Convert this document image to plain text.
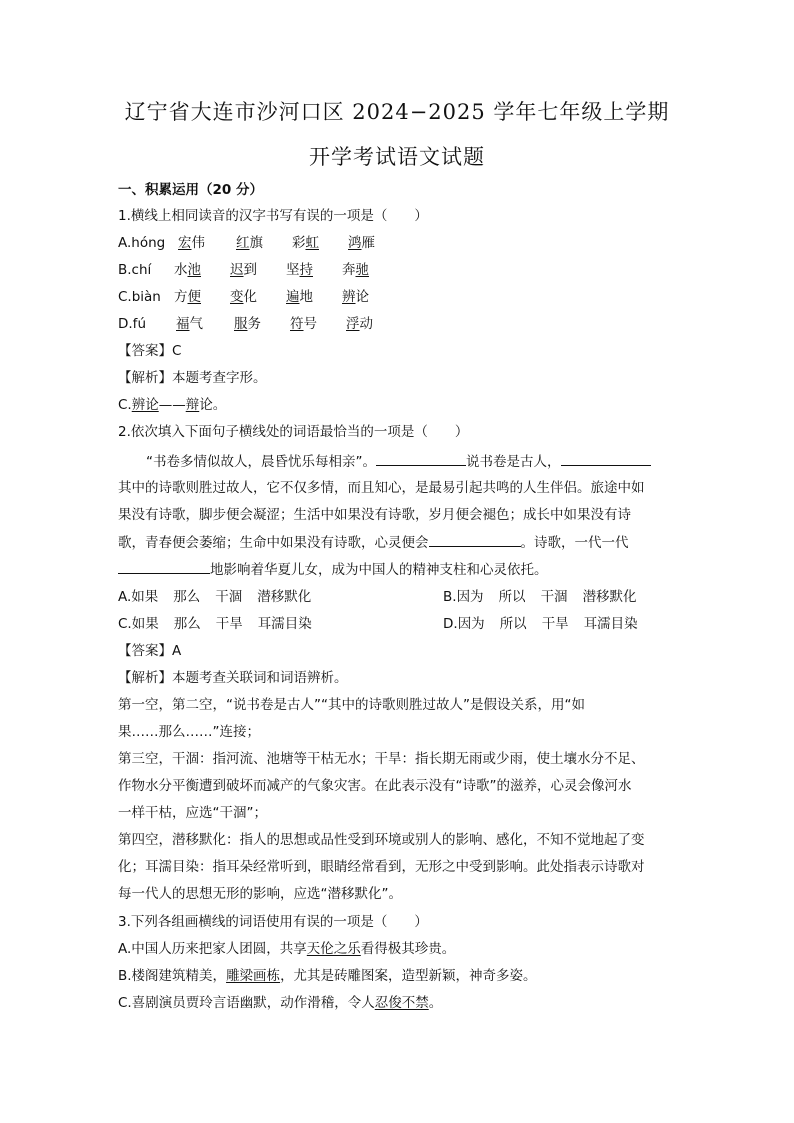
辽宁省大连市沙河口区 2024−2025 学年七年级上学期
开学考试语文试题
一、积累运用（20 分）
1.横线上相同读音的汉字书写有误的一项是（　　）
A.hóng 宏伟 红旗 彩虹 鸿雁
B.chí 水池 迟到 坚持 奔驰
C.biàn 方便 变化 遍地 辨论
D.fú 福气 服务 符号 浮动
【答案】C
【解析】本题考查字形。
C.辨论——辩论。
2.依次填入下面句子横线处的词语最恰当的一项是（　　）
“书卷多情似故人，晨昏忧乐每相亲”。	说书卷是古人，
其中的诗歌则胜过故人，它不仅多情，而且知心，是最易引起共鸣的人生伴侣。旅途中如
果没有诗歌，脚步便会凝涩；生活中如果没有诗歌，岁月便会褪色；成长中如果没有诗
歌，青春便会萎缩；生命中如果没有诗歌，心灵便会	。诗歌，一代一代
地影响着华夏儿女，成为中国人的精神支柱和心灵依托。
A.如果 那么 干涸 潜移默化	B.因为 所以 干涸 潜移默化
C.如果 那么 干旱 耳濡目染	D.因为 所以 干旱 耳濡目染
【答案】A
【解析】本题考查关联词和词语辨析。
第一空，第二空，“说书卷是古人”“其中的诗歌则胜过故人”是假设关系，用“如
果……那么……”连接；
第三空，干涸：指河流、池塘等干枯无水；干旱：指长期无雨或少雨，使土壤水分不足、
作物水分平衡遭到破坏而减产的气象灾害。在此表示没有“诗歌”的滋养，心灵会像河水
一样干枯，应选“干涸”；
第四空，潜移默化：指人的思想或品性受到环境或别人的影响、感化，不知不觉地起了变
化；耳濡目染：指耳朵经常听到，眼睛经常看到，无形之中受到影响。此处指表示诗歌对
每一代人的思想无形的影响，应选“潜移默化”。
3.下列各组画横线的词语使用有误的一项是（　　）
A.中国人历来把家人团圆，共享天伦之乐看得极其珍贵。
B.楼阁建筑精美，雕梁画栋，尤其是砖雕图案，造型新颖，神奇多姿。
C.喜剧演员贾玲言语幽默，动作滑稽，令人忍俊不禁。
